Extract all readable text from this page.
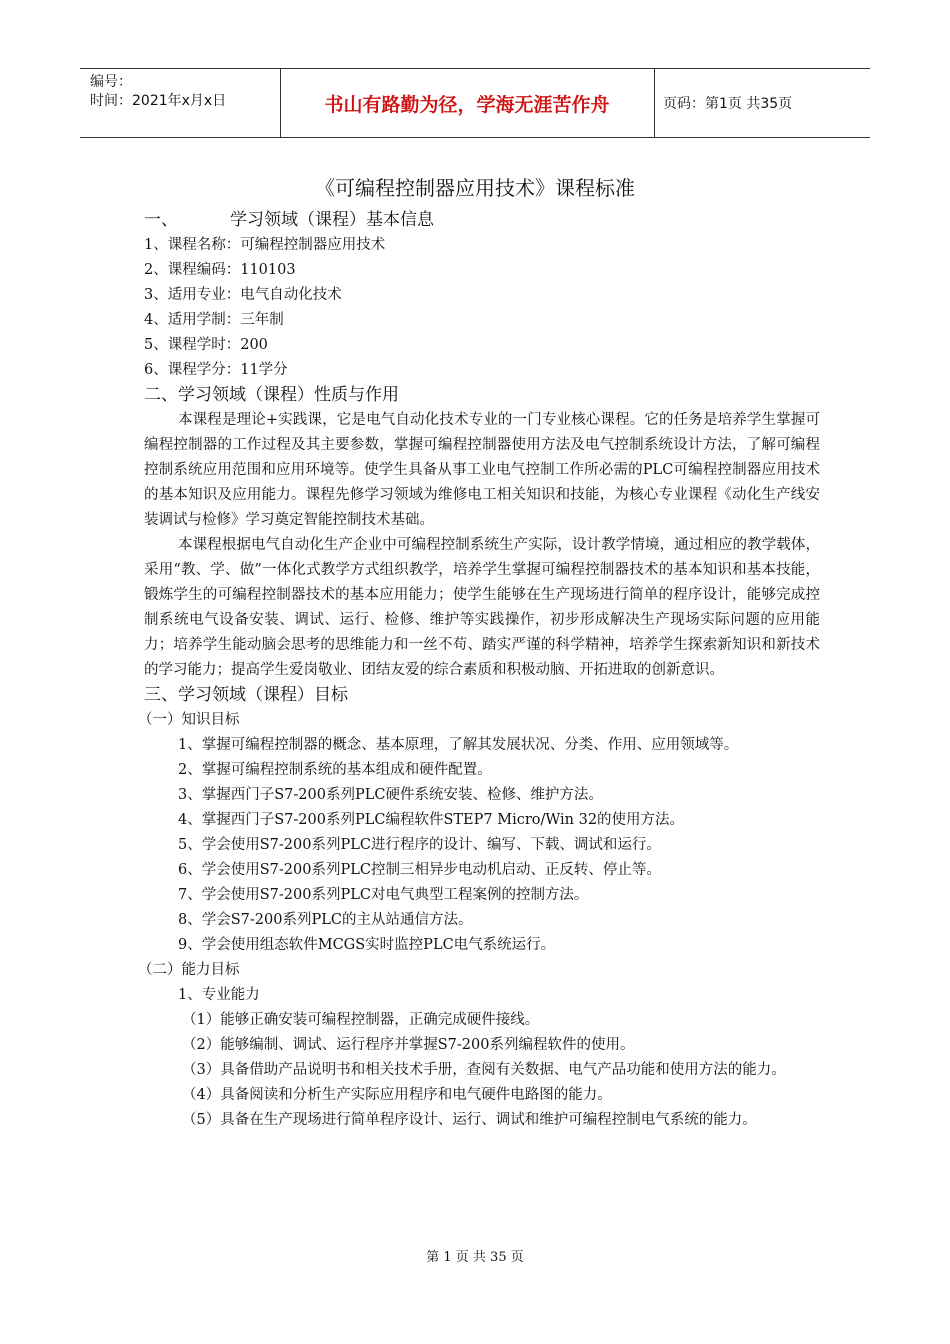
编号：
时间：2021年x月x日	书山有路勤为径，学海无涯苦作舟	页码：第1页 共35页
《可编程控制器应用技术》课程标准
一、	学习领域（课程）基本信息
1、课程名称：可编程控制器应用技术
2、课程编码：110103
3、适用专业：电气自动化技术
4、适用学制：三年制
5、课程学时：200
6、课程学分：11学分
二、学习领域（课程）性质与作用
本课程是理论+实践课，它是电气自动化技术专业的一门专业核心课程。它的任务是培养学生掌握可编程控制器的工作过程及其主要参数，掌握可编程控制器使用方法及电气控制系统设计方法，了解可编程控制系统应用范围和应用环境等。使学生具备从事工业电气控制工作所必需的PLC可编程控制器应用技术的基本知识及应用能力。课程先修学习领域为维修电工相关知识和技能，为核心专业课程《动化生产线安装调试与检修》学习奠定智能控制技术基础。
本课程根据电气自动化生产企业中可编程控制系统生产实际，设计教学情境，通过相应的教学载体，采用“教、学、做”一体化式教学方式组织教学，培养学生掌握可编程控制器技术的基本知识和基本技能，锻炼学生的可编程控制器技术的基本应用能力；使学生能够在生产现场进行简单的程序设计，能够完成控制系统电气设备安装、调试、运行、检修、维护等实践操作，初步形成解决生产现场实际问题的应用能力；培养学生能动脑会思考的思维能力和一丝不苟、踏实严谨的科学精神，培养学生探索新知识和新技术的学习能力；提高学生爱岗敬业、团结友爱的综合素质和积极动脑、开拓进取的创新意识。
三、学习领域（课程）目标
（一）知识目标
1、掌握可编程控制器的概念、基本原理，了解其发展状况、分类、作用、应用领域等。
2、掌握可编程控制系统的基本组成和硬件配置。
3、掌握西门子S7-200系列PLC硬件系统安装、检修、维护方法。
4、掌握西门子S7-200系列PLC编程软件STEP7 Micro/Win 32的使用方法。
5、学会使用S7-200系列PLC进行程序的设计、编写、下载、调试和运行。
6、学会使用S7-200系列PLC控制三相异步电动机启动、正反转、停止等。
7、学会使用S7-200系列PLC对电气典型工程案例的控制方法。
8、学会S7-200系列PLC的主从站通信方法。
9、学会使用组态软件MCGS实时监控PLC电气系统运行。
（二）能力目标
1、专业能力
（1）能够正确安装可编程控制器，正确完成硬件接线。
（2）能够编制、调试、运行程序并掌握S7-200系列编程软件的使用。
（3）具备借助产品说明书和相关技术手册，查阅有关数据、电气产品功能和使用方法的能力。
（4）具备阅读和分析生产实际应用程序和电气硬件电路图的能力。
（5）具备在生产现场进行简单程序设计、运行、调试和维护可编程控制电气系统的能力。
第 1 页 共 35 页
